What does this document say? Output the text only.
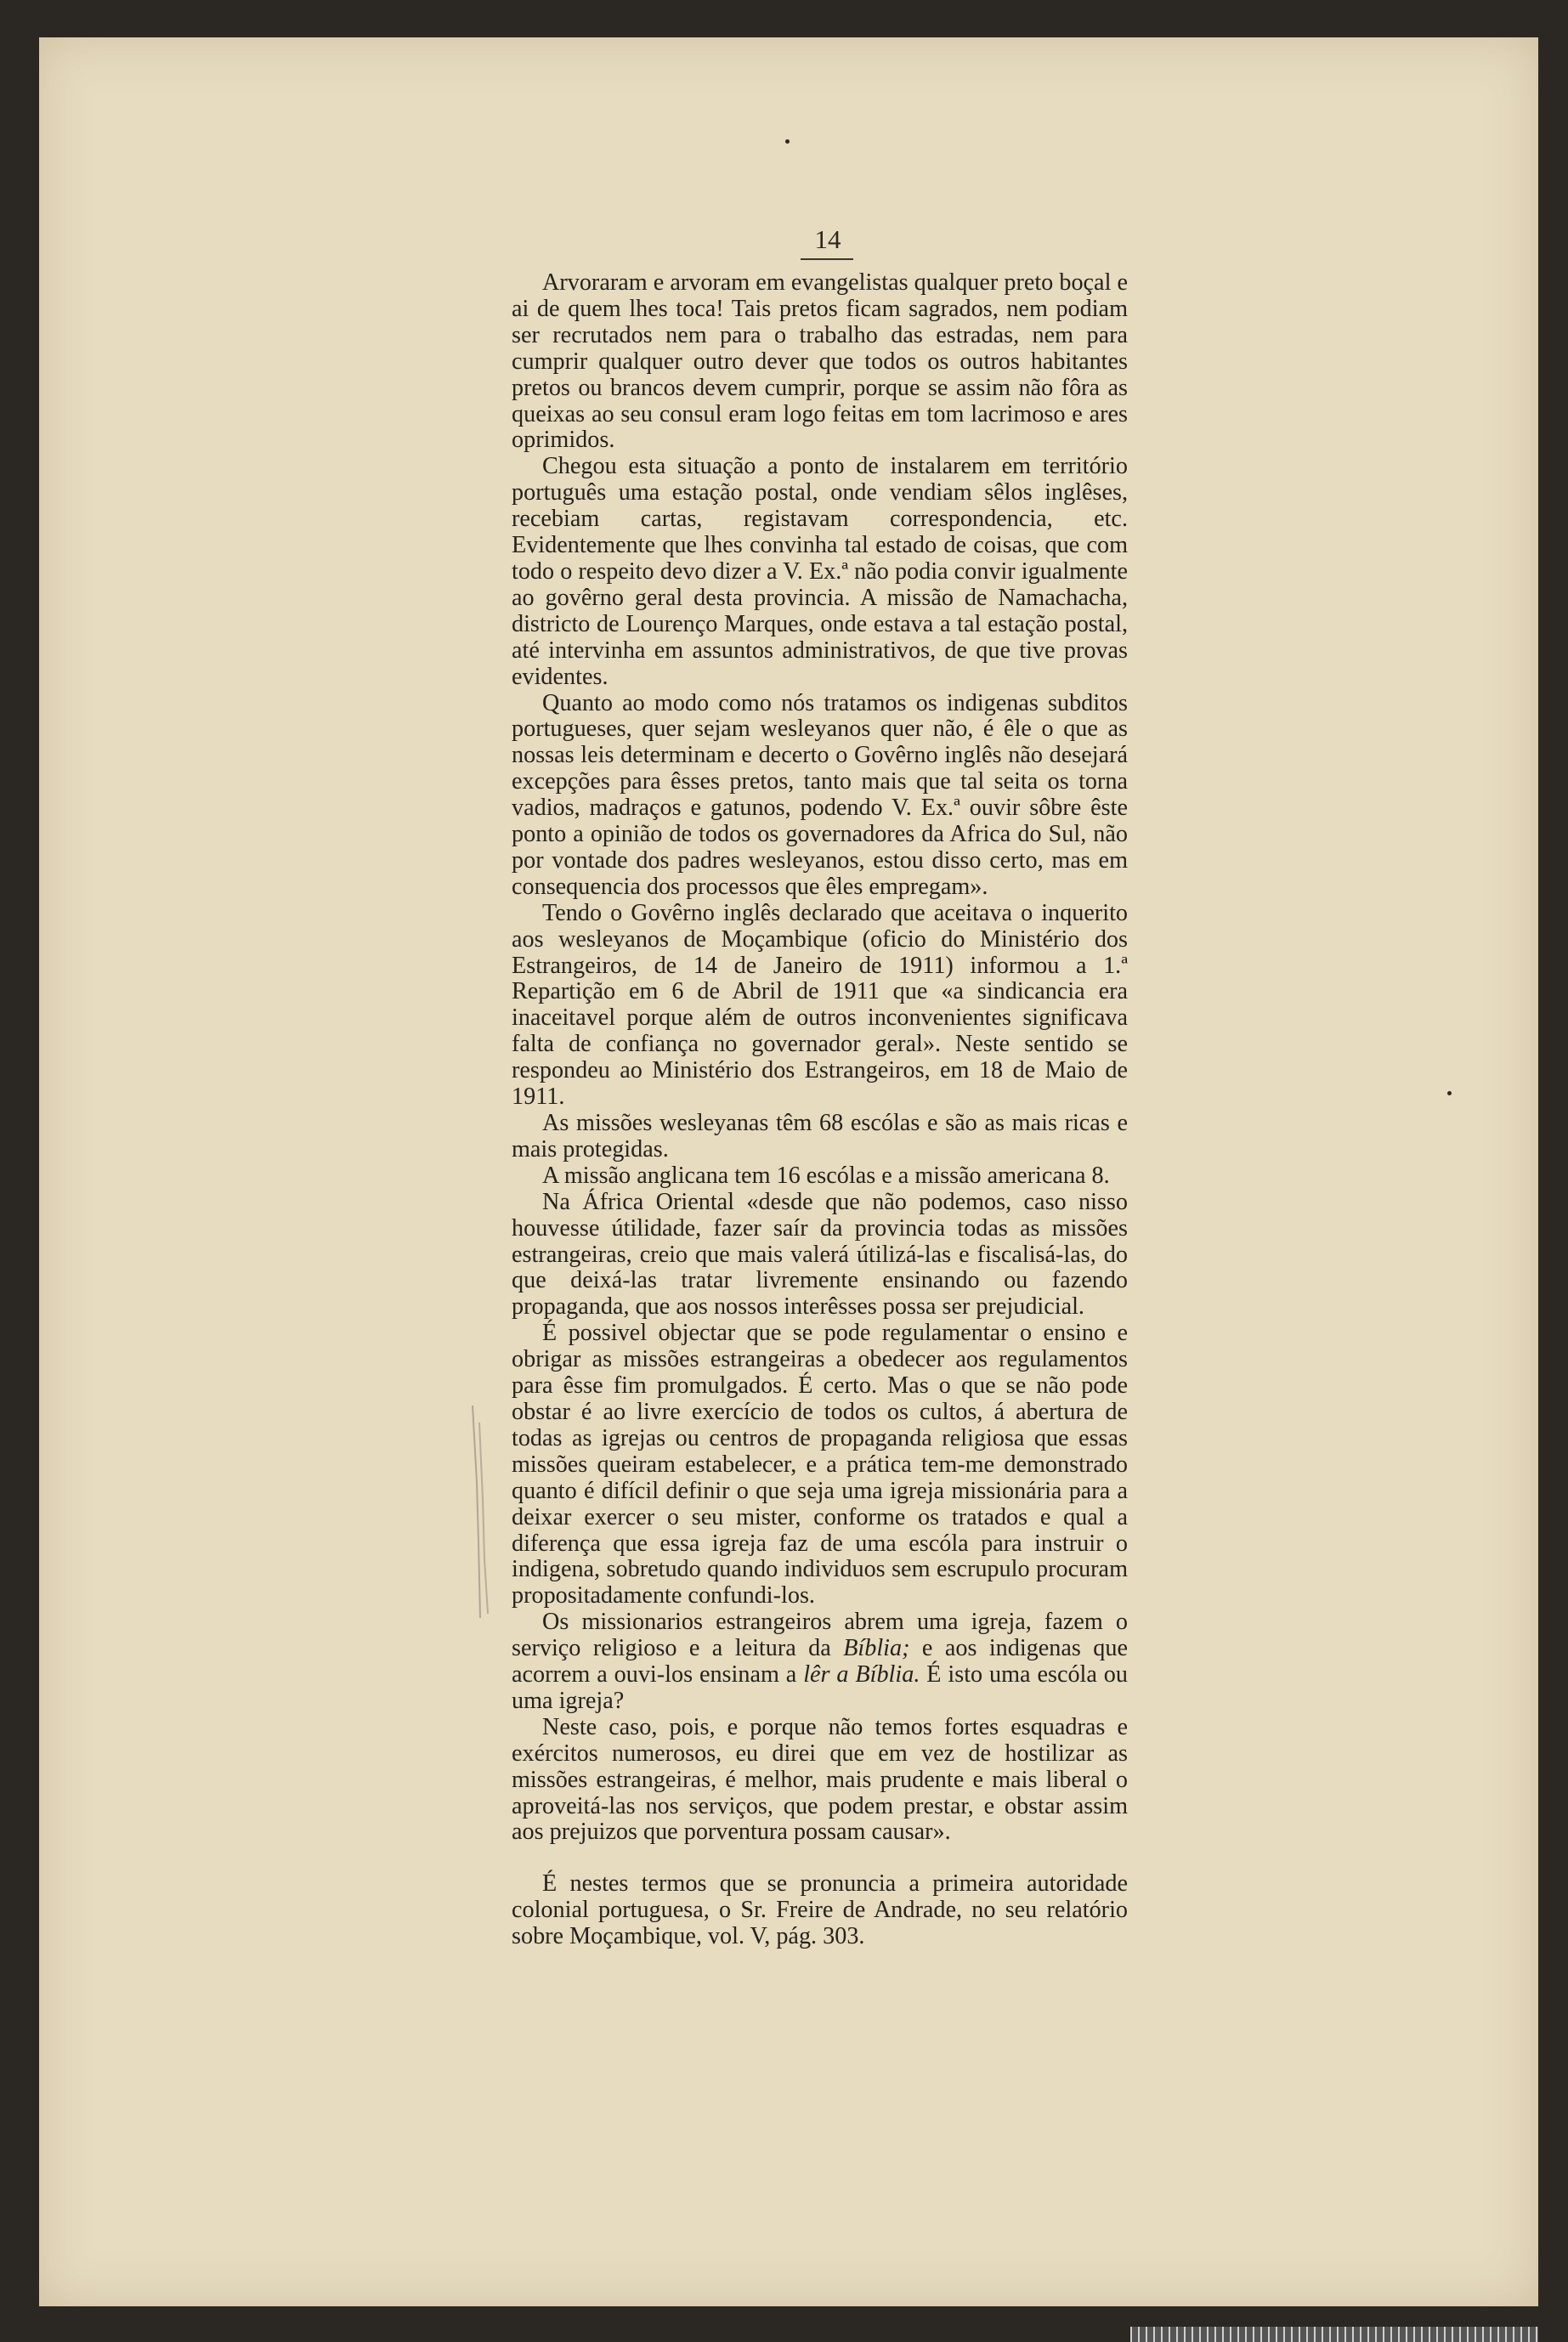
14

Arvoraram e arvoram em evangelistas qualquer preto boçal e ai de quem lhes toca! Tais pretos ficam sagrados, nem podiam ser recrutados nem para o trabalho das estradas, nem para cumprir qualquer outro dever que todos os outros habitantes pretos ou brancos devem cumprir, porque se assim não fôra as queixas ao seu consul eram logo feitas em tom lacrimoso e ares oprimidos.

Chegou esta situação a ponto de instalarem em território português uma estação postal, onde vendiam sêlos inglêses, recebiam cartas, registavam correspondencia, etc. Evidentemente que lhes convinha tal estado de coisas, que com todo o respeito devo dizer a V. Ex.ª não podia convir igualmente ao govêrno geral desta provincia. A missão de Namachacha, districto de Lourenço Marques, onde estava a tal estação postal, até intervinha em assuntos administrativos, de que tive provas evidentes.

Quanto ao modo como nós tratamos os indigenas subditos portugueses, quer sejam wesleyanos quer não, é êle o que as nossas leis determinam e decerto o Govêrno inglês não desejará excepções para êsses pretos, tanto mais que tal seita os torna vadios, madraços e gatunos, podendo V. Ex.ª ouvir sôbre êste ponto a opinião de todos os governadores da Africa do Sul, não por vontade dos padres wesleyanos, estou disso certo, mas em consequencia dos processos que êles empregam».

Tendo o Govêrno inglês declarado que aceitava o inquerito aos wesleyanos de Moçambique (oficio do Ministério dos Estrangeiros, de 14 de Janeiro de 1911) informou a 1.ª Repartição em 6 de Abril de 1911 que «a sindicancia era inaceitavel porque além de outros inconvenientes significava falta de confiança no governador geral». Neste sentido se respondeu ao Ministério dos Estrangeiros, em 18 de Maio de 1911.

As missões wesleyanas têm 68 escólas e são as mais ricas e mais protegidas.

A missão anglicana tem 16 escólas e a missão americana 8.

Na África Oriental «desde que não podemos, caso nisso houvesse útilidade, fazer saír da provincia todas as missões estrangeiras, creio que mais valerá útilizá-las e fiscalisá-las, do que deixá-las tratar livremente ensinando ou fazendo propaganda, que aos nossos interêsses possa ser prejudicial.

É possivel objectar que se pode regulamentar o ensino e obrigar as missões estrangeiras a obedecer aos regulamentos para êsse fim promulgados. É certo. Mas o que se não pode obstar é ao livre exercício de todos os cultos, á abertura de todas as igrejas ou centros de propaganda religiosa que essas missões queiram estabelecer, e a prática tem-me demonstrado quanto é difícil definir o que seja uma igreja missionária para a deixar exercer o seu mister, conforme os tratados e qual a diferença que essa igreja faz de uma escóla para instruir o indigena, sobretudo quando individuos sem escrupulo procuram propositadamente confundi-los.

Os missionarios estrangeiros abrem uma igreja, fazem o serviço religioso e a leitura da Bíblia; e aos indigenas que acorrem a ouvi-los ensinam a lêr a Bíblia. É isto uma escóla ou uma igreja?

Neste caso, pois, e porque não temos fortes esquadras e exércitos numerosos, eu direi que em vez de hostilizar as missões estrangeiras, é melhor, mais prudente e mais liberal o aproveitá-las nos serviços, que podem prestar, e obstar assim aos prejuizos que porventura possam causar».

É nestes termos que se pronuncia a primeira autoridade colonial portuguesa, o Sr. Freire de Andrade, no seu relatório sobre Moçambique, vol. V, pág. 303.
